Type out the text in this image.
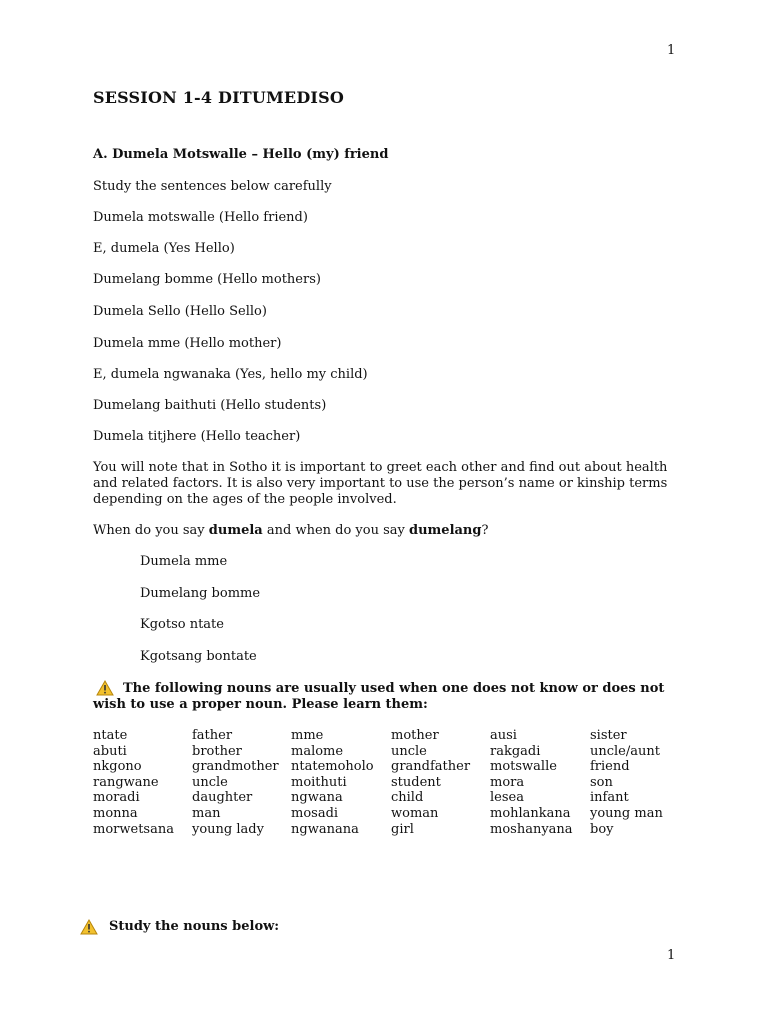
1
SESSION 1-4 DITUMEDISO
A. Dumela Motswalle – Hello (my) friend
Study the sentences below carefully
Dumela motswalle (Hello friend)
E, dumela (Yes Hello)
Dumelang bomme (Hello mothers)
Dumela Sello (Hello Sello)
Dumela mme (Hello mother)
E, dumela ngwanaka (Yes, hello my child)
Dumelang baithuti (Hello students)
Dumela titjhere (Hello teacher)
You will note that in Sotho it is important to greet each other and find out about health and related factors. It is also very important to use the person’s name or kinship terms depending on the ages of the people involved.
When do you say dumela and when do you say dumelang?
Dumela mme
Dumelang bomme
Kgotso ntate
Kgotsang bontate
The following nouns are usually used when one does not know or does not wish to use a proper noun. Please learn them:
ntate	father	mme	mother	ausi	sister
abuti	brother	malome	uncle	rakgadi	uncle/aunt
nkgono	grandmother	ntatemoholo	grandfather	motswalle	friend
rangwane	uncle	moithuti	student	mora	son
moradi	daughter	ngwana	child	lesea	infant
monna	man	mosadi	woman	mohlankana	young man
morwetsana	young lady	ngwanana	girl	moshanyana	boy
Study the nouns below:
1
